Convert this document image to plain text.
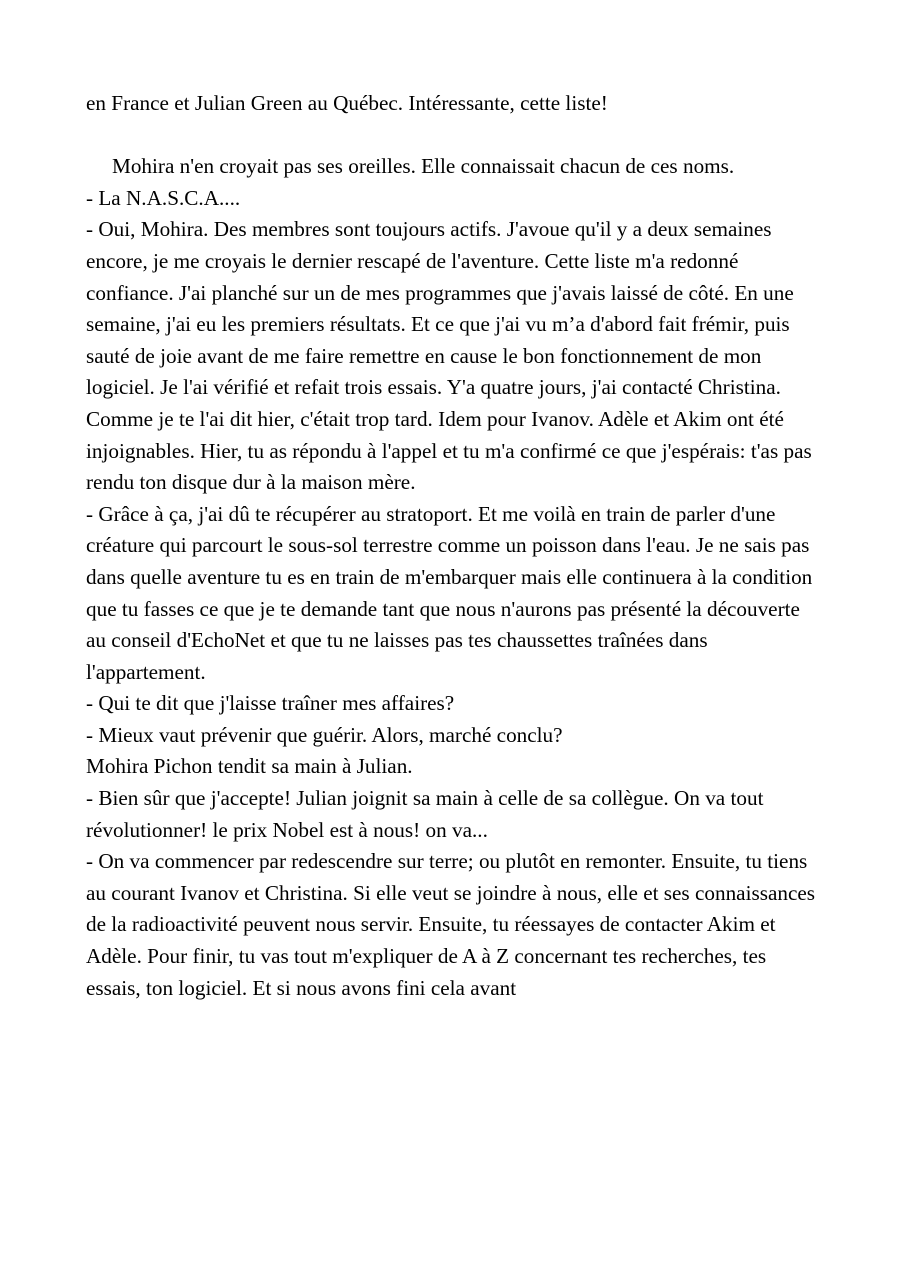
en France et Julian Green au Québec. Intéressante, cette liste!

Mohira n'en croyait pas ses oreilles. Elle connaissait chacun de ces noms.

- La N.A.S.C.A....

- Oui, Mohira. Des membres sont toujours actifs. J'avoue qu'il y a deux semaines encore, je me croyais le dernier rescapé de l'aventure. Cette liste m'a redonné confiance. J'ai planché sur un de mes programmes que j'avais laissé de côté. En une semaine, j'ai eu les premiers résultats. Et ce que j'ai vu m’a d'abord fait frémir, puis sauté de joie avant de me faire remettre en cause le bon fonctionnement de mon logiciel. Je l'ai vérifié et refait trois essais. Y'a quatre jours, j'ai contacté Christina. Comme je te l'ai dit hier, c'était trop tard. Idem pour Ivanov. Adèle et Akim ont été injoignables. Hier, tu as répondu à l'appel et tu m'a confirmé ce que j'espérais: t'as pas rendu ton disque dur à la maison mère.

- Grâce à ça, j'ai dû te récupérer au stratoport. Et me voilà en train de parler d'une créature qui parcourt le sous-sol terrestre comme un poisson dans l'eau. Je ne sais pas dans quelle aventure tu es en train de m'embarquer mais elle continuera à la condition que tu fasses ce que je te demande tant que nous n'aurons pas présenté la découverte au conseil d'EchoNet et que tu ne laisses pas tes chaussettes traînées dans l'appartement.

- Qui te dit que j'laisse traîner mes affaires?

- Mieux vaut prévenir que guérir. Alors, marché conclu?

Mohira Pichon tendit sa main à Julian.

- Bien sûr que j'accepte! Julian joignit sa main à celle de sa collègue. On va tout révolutionner! le prix Nobel est à nous! on va...

- On va commencer par redescendre sur terre; ou plutôt en remonter. Ensuite, tu tiens au courant Ivanov et Christina. Si elle veut se joindre à nous, elle et ses connaissances de la radioactivité peuvent nous servir. Ensuite, tu réessayes de contacter Akim et Adèle. Pour finir, tu vas tout m'expliquer de A à Z concernant tes recherches, tes essais, ton logiciel. Et si nous avons fini cela avant
